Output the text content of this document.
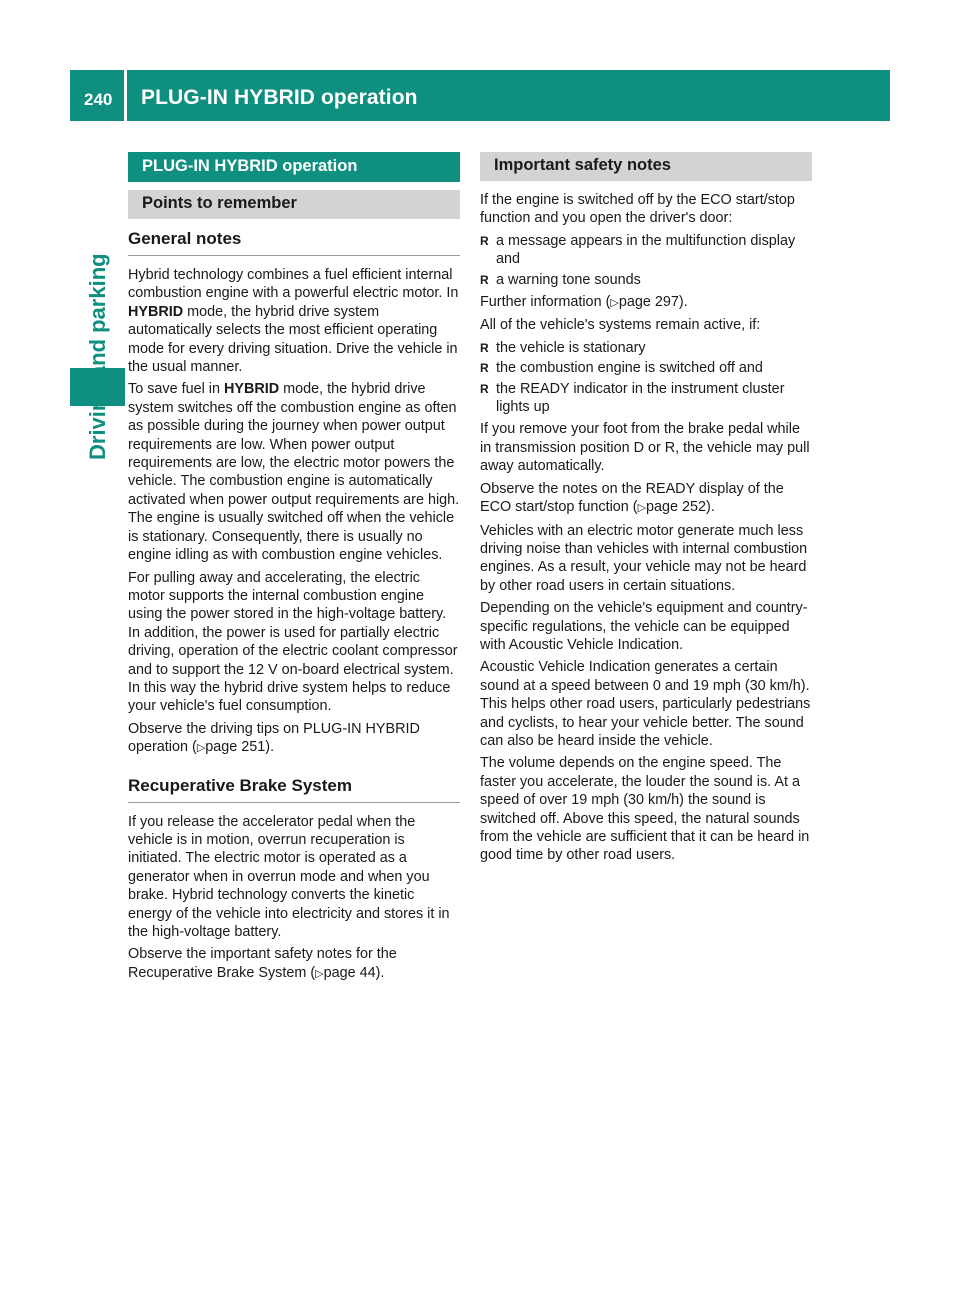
240 PLUG-IN HYBRID operation
Driving and parking
PLUG-IN HYBRID operation
Points to remember
General notes

Hybrid technology combines a fuel efficient internal combustion engine with a powerful electric motor. In HYBRID mode, the hybrid drive system automatically selects the most efficient operating mode for every driving situation. Drive the vehicle in the usual manner.

To save fuel in HYBRID mode, the hybrid drive system switches off the combustion engine as often as possible during the journey when power output requirements are low. When power output requirements are low, the electric motor powers the vehicle. The combustion engine is automatically activated when power output requirements are high. The engine is usually switched off when the vehicle is stationary. Consequently, there is usually no engine idling as with combustion engine vehicles.

For pulling away and accelerating, the electric motor supports the internal combustion engine using the power stored in the high-voltage battery. In addition, the power is used for partially electric driving, operation of the electric coolant compressor and to support the 12 V on-board electrical system. In this way the hybrid drive system helps to reduce your vehicle's fuel consumption.

Observe the driving tips on PLUG-IN HYBRID operation (▷page 251).

Recuperative Brake System

If you release the accelerator pedal when the vehicle is in motion, overrun recuperation is initiated. The electric motor is operated as a generator when in overrun mode and when you brake. Hybrid technology converts the kinetic energy of the vehicle into electricity and stores it in the high-voltage battery.

Observe the important safety notes for the Recuperative Brake System (▷page 44).

Important safety notes

If the engine is switched off by the ECO start/stop function and you open the driver's door:

R a message appears in the multifunction display and
R a warning tone sounds

Further information (▷page 297).

All of the vehicle's systems remain active, if:

R the vehicle is stationary
R the combustion engine is switched off and
R the READY indicator in the instrument cluster lights up

If you remove your foot from the brake pedal while in transmission position D or R, the vehicle may pull away automatically.

Observe the notes on the READY display of the ECO start/stop function (▷page 252).

Vehicles with an electric motor generate much less driving noise than vehicles with internal combustion engines. As a result, your vehicle may not be heard by other road users in certain situations.

Depending on the vehicle's equipment and country-specific regulations, the vehicle can be equipped with Acoustic Vehicle Indication.

Acoustic Vehicle Indication generates a certain sound at a speed between 0 and 19 mph (30 km/h). This helps other road users, particularly pedestrians and cyclists, to hear your vehicle better. The sound can also be heard inside the vehicle.

The volume depends on the engine speed. The faster you accelerate, the louder the sound is. At a speed of over 19 mph (30 km/h) the sound is switched off. Above this speed, the natural sounds from the vehicle are sufficient that it can be heard in good time by other road users.
